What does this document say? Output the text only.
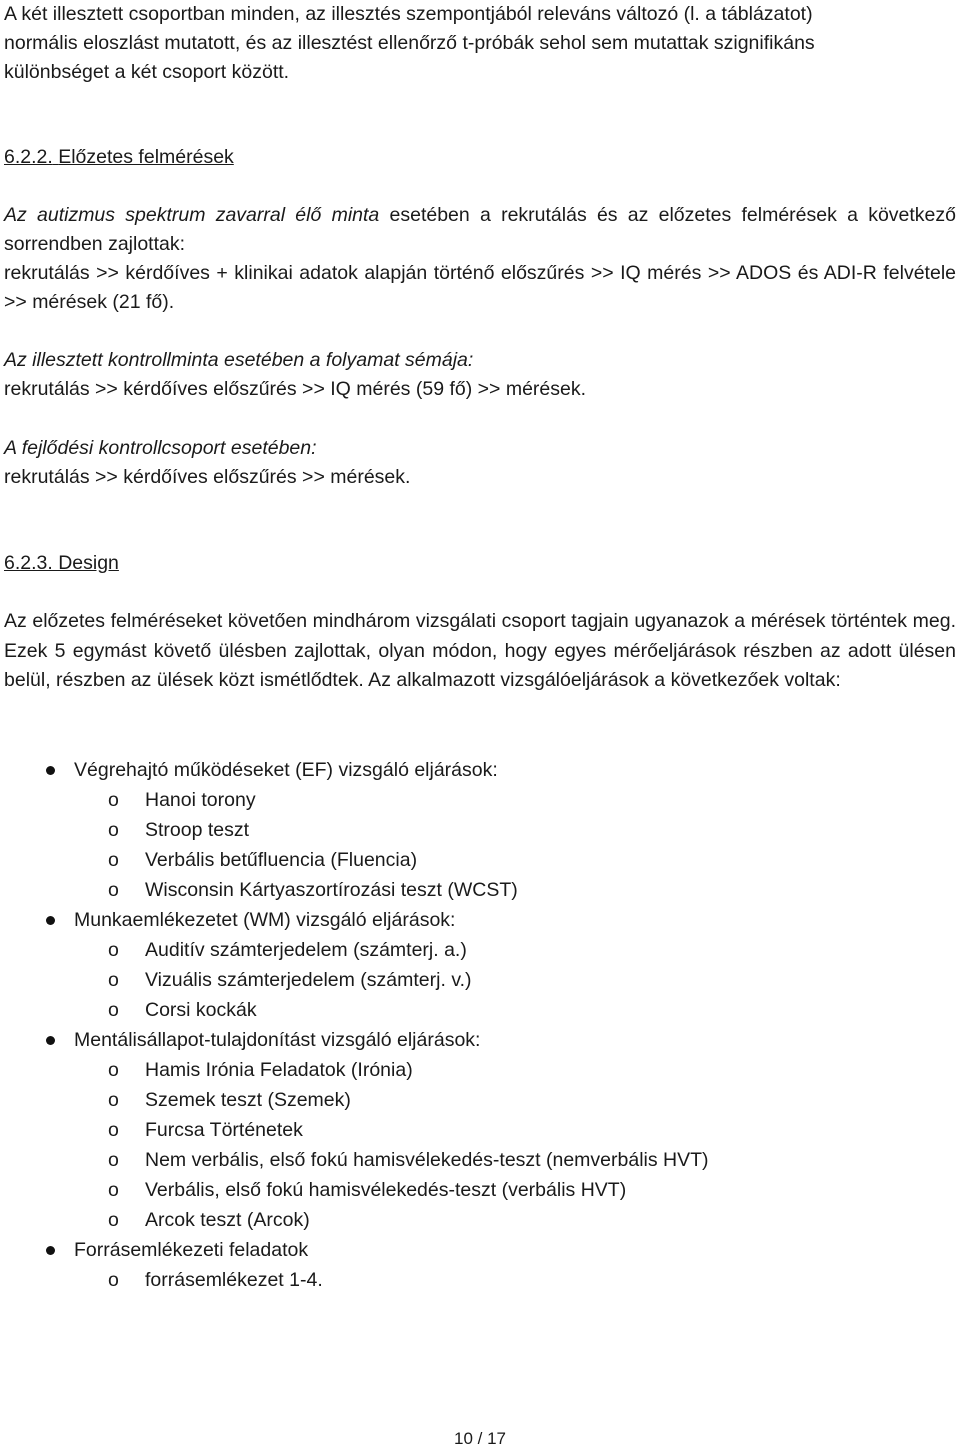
A két illesztett csoportban minden, az illesztés szempontjából releváns változó (l. a táblázatot)

normális eloszlást mutatott, és az illesztést ellenőrző t-próbák sehol sem mutattak szignifikáns

különbséget a két csoport között.

6.2.2. Előzetes felmérések

Az autizmus spektrum zavarral élő minta esetében a rekrutálás és az előzetes felmérések a következő sorrendben zajlottak:

rekrutálás >> kérdőíves + klinikai adatok alapján történő előszűrés >> IQ mérés >> ADOS és ADI-R felvétele >> mérések (21 fő).

Az illesztett kontrollminta esetében a folyamat sémája:

rekrutálás >> kérdőíves előszűrés >> IQ mérés (59 fő) >> mérések.

A fejlődési kontrollcsoport esetében:

rekrutálás >> kérdőíves előszűrés >> mérések.

6.2.3. Design

Az előzetes felméréseket követően mindhárom vizsgálati csoport tagjain ugyanazok a mérések történtek meg. Ezek 5 egymást követő ülésben zajlottak, olyan módon, hogy egyes mérőeljárások részben az adott ülésen belül, részben az ülések közt ismétlődtek. Az alkalmazott vizsgálóeljárások a következőek voltak:

Végrehajtó működéseket (EF) vizsgáló eljárások:
o Hanoi torony
o Stroop teszt
o Verbális betűfluencia (Fluencia)
o Wisconsin Kártyaszortírozási teszt (WCST)
Munkaemlékezetet (WM) vizsgáló eljárások:
o Auditív számterjedelem (számterj. a.)
o Vizuális számterjedelem (számterj. v.)
o Corsi kockák
Mentálisállapot-tulajdonítást vizsgáló eljárások:
o Hamis Irónia Feladatok (Irónia)
o Szemek teszt (Szemek)
o Furcsa Történetek
o Nem verbális, első fokú hamisvélekedés-teszt (nemverbális HVT)
o Verbális, első fokú hamisvélekedés-teszt (verbális HVT)
o Arcok teszt (Arcok)
Forrásemlékezeti feladatok
o forrásemlékezet 1-4.
10 / 17
